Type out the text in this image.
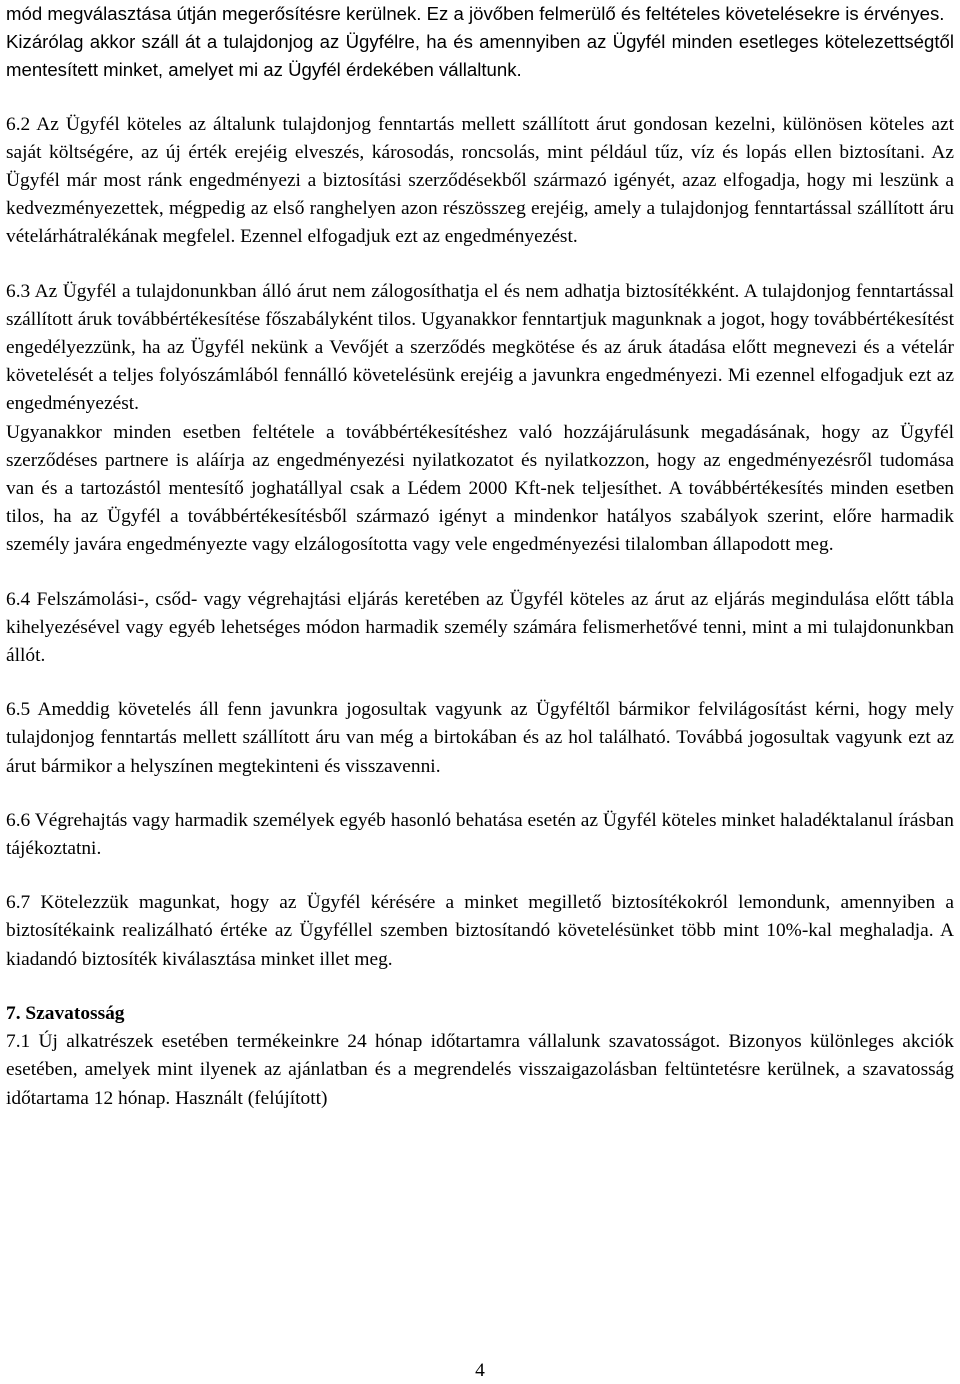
mód megválasztása útján megerősítésre kerülnek. Ez a jövőben felmerülő és feltételes követelésekre is érvényes.

Kizárólag akkor száll át a tulajdonjog az Ügyfélre, ha és amennyiben az Ügyfél minden esetleges kötelezettségtől mentesített minket, amelyet mi az Ügyfél érdekében vállaltunk.

6.2 Az Ügyfél köteles az általunk tulajdonjog fenntartás mellett szállított árut gondosan kezelni, különösen köteles azt saját költségére, az új érték erejéig elveszés, károsodás, roncsolás, mint például tűz, víz és lopás ellen biztosítani. Az Ügyfél már most ránk engedményezi a biztosítási szerződésekből származó igényét, azaz elfogadja, hogy mi leszünk a kedvezményezettek, mégpedig az első ranghelyen azon részösszeg erejéig, amely a tulajdonjog fenntartással szállított áru vételárhátralékának megfelel. Ezennel elfogadjuk ezt az engedményezést.

6.3 Az Ügyfél a tulajdonunkban álló árut nem zálogosíthatja el és nem adhatja biztosítékként. A tulajdonjog fenntartással szállított áruk továbbértékesítése főszabályként tilos. Ugyanakkor fenntartjuk magunknak a jogot, hogy továbbértékesítést engedélyezzünk, ha az Ügyfél nekünk a Vevőjét a szerződés megkötése és az áruk átadása előtt megnevezi és a vételár követelését a teljes folyószámlából fennálló követelésünk erejéig a javunkra engedményezi. Mi ezennel elfogadjuk ezt az engedményezést.

Ugyanakkor minden esetben feltétele a továbbértékesítéshez való hozzájárulásunk megadásának, hogy az Ügyfél szerződéses partnere is aláírja az engedményezési nyilatkozatot és nyilatkozzon, hogy az engedményezésről tudomása van és a tartozástól mentesítő joghatállyal csak a Lédem 2000 Kft-nek teljesíthet. A továbbértékesítés minden esetben tilos, ha az Ügyfél a továbbértékesítésből származó igényt a mindenkor hatályos szabályok szerint, előre harmadik személy javára engedményezte vagy elzálogosította vagy vele engedményezési tilalomban állapodott meg.

6.4 Felszámolási-, csőd- vagy végrehajtási eljárás keretében az Ügyfél köteles az árut az eljárás megindulása előtt tábla kihelyezésével vagy egyéb lehetséges módon harmadik személy számára felismerhetővé tenni, mint a mi tulajdonunkban állót.

6.5 Ameddig követelés áll fenn javunkra jogosultak vagyunk az Ügyféltől bármikor felvilágosítást kérni, hogy mely tulajdonjog fenntartás mellett szállított áru van még a birtokában és az hol található. Továbbá jogosultak vagyunk ezt az árut bármikor a helyszínen megtekinteni és visszavenni.

6.6 Végrehajtás vagy harmadik személyek egyéb hasonló behatása esetén az Ügyfél köteles minket haladéktalanul írásban tájékoztatni.

6.7 Kötelezzük magunkat, hogy az Ügyfél kérésére a minket megillető biztosítékokról lemondunk, amennyiben a biztosítékaink realizálható értéke az Ügyféllel szemben biztosítandó követelésünket több mint 10%-kal meghaladja. A kiadandó biztosíték kiválasztása minket illet meg.

7. Szavatosság

7.1 Új alkatrészek esetében termékeinkre 24 hónap időtartamra vállalunk szavatosságot. Bizonyos különleges akciók esetében, amelyek mint ilyenek az ajánlatban és a megrendelés visszaigazolásban feltüntetésre kerülnek, a szavatosság időtartama 12 hónap. Használt (felújított)

4
